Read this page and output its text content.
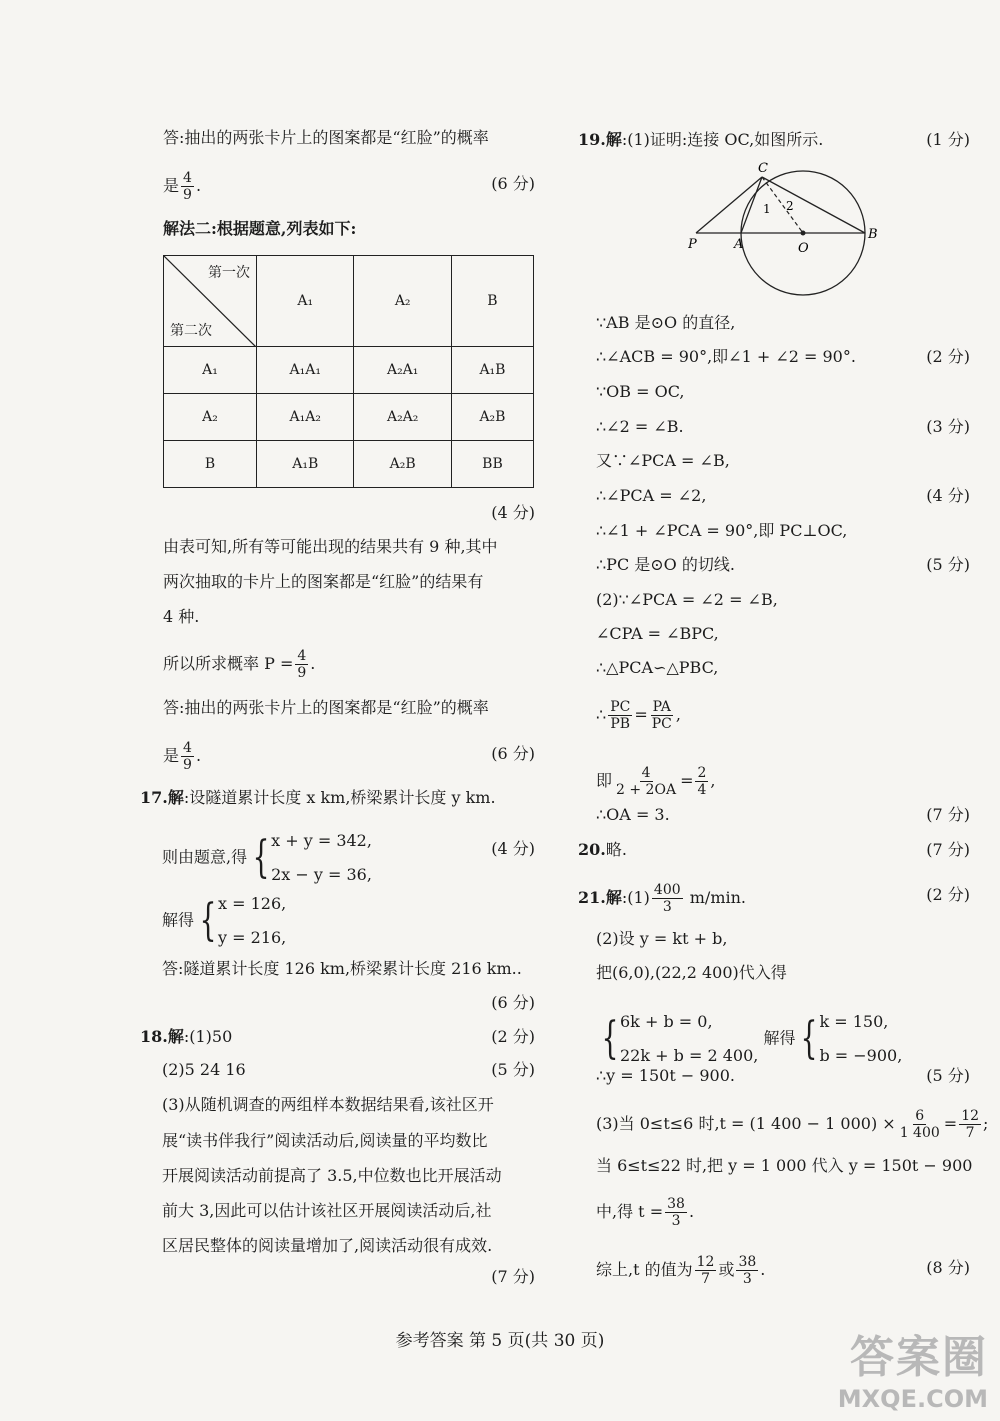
答:抽出的两张卡片上的图案都是“红脸”的概率
是 $\frac{4}{9}$ .	(6 分)
解法二:根据题意,列表如下:
(4 分)
由表可知,所有等可能出现的结果共有 9 种,其中
两次抽取的卡片上的图案都是“红脸”的结果有
4 种.
所以所求概率 $P = \frac{4}{9}$ .
答:抽出的两张卡片上的图案都是“红脸”的概率
是 $\frac{4}{9}$ .	(6 分)
17.解:设隧道累计长度 x km,桥梁累计长度 y km.
则由题意,得 { x + y = 342,
2x − y = 36,
(4 分)
解得 { x = 126,
y = 216,
答:隧道累计长度 126 km,桥梁累计长度 216 km..
(6 分)
18.解:(1)50	(2 分)
(2)5 24 16	(5 分)
(3)从随机调查的两组样本数据结果看,该社区开
展“读书伴我行”阅读活动后,阅读量的平均数比
开展阅读活动前提高了 3.5,中位数也比开展活动
前大 3,因此可以估计该社区开展阅读活动后,社
区居民整体的阅读量增加了,阅读活动很有成效.
(7 分)
第一次
第二次	A₁	A₂	B
A₁	A₁A₁	A₂A₁	A₁B
A₂	A₁A₂	A₂A₂	A₂B
B	A₁B	A₂B	BB
19.解:(1)证明:连接 OC,如图所示.	(1 分)
C
P	A	O
B
1 2
∵AB 是⊙O 的直径,
∴∠ACB = 90°,即∠1 + ∠2 = 90°.	(2 分)
∵OB = OC,
∴∠2 = ∠B.	(3 分)
又∵∠PCA = ∠B,
∴∠PCA = ∠2,	(4 分)
∴∠1 + ∠PCA = 90°,即 PC⊥OC,
∴PC 是⊙O 的切线.	(5 分)
(2)∵∠PCA = ∠2 = ∠B,
∠CPA = ∠BPC,
∴△PCA∽△PBC,
∴ $\frac{PC}{PB} = \frac{PA}{PC}$ ,
即 $\frac{4}{2 + 2OA} = \frac{2}{4}$ ,
∴OA = 3.	(7 分)
20.略.	(7 分)
21.解:(1) $\frac{400}{3} m/\min$.	(2 分)
(2)设 y = kt + b,
把(6,0),(22,2 400)代入得
{6k + b = 0,
22k + b = 2 400, 解得 {k = 150,
b = −900,
∴y = 150t − 900.	(5 分)
(3)当 0≤t≤6 时,t = (1 400 − 1 $000) \times \frac{6}{1 400} = \frac{12}{7}$ ;
当 6≤t≤22 时,把 y = 1 000 代入 y = 150t − 900
中,得 $t = \frac{38}{3}$ .
综上,t 的值为 $\frac{12}{7}$ 或 $\frac{38}{3}$ .	(8 分)
参考答案 第 5 页(共 30 页)	答案圈
MXQE.COM
